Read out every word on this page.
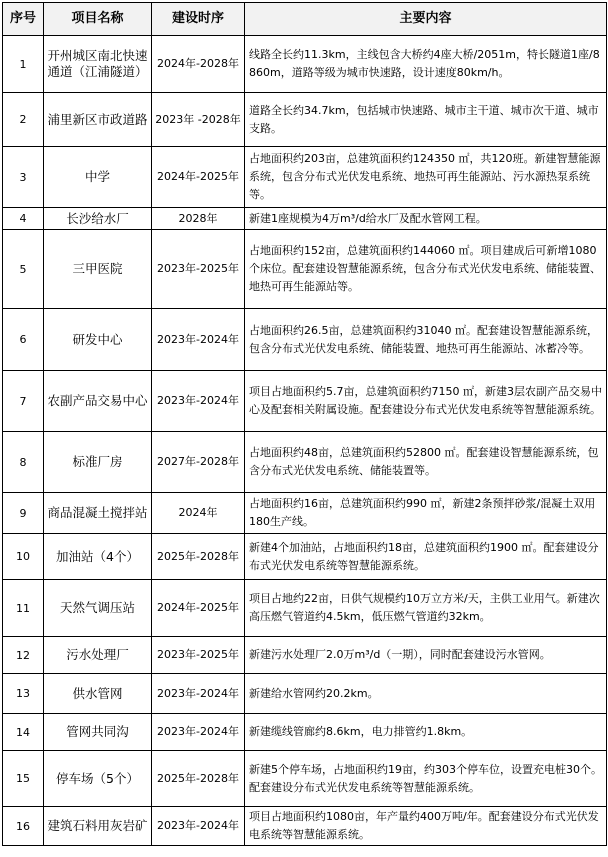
序号	项目名称	建设时序	主要内容
1	开州城区南北快速通道（江浦隧道）	2024年-2028年	线路全长约11.3km，主线包含大桥约4座大桥/2051m，特长隧道1座/8860m，道路等级为城市快速路，设计速度80km/h。
2	浦里新区市政道路	2023年 -2028年	道路全长约34.7km，包括城市快速路、城市主干道、城市次干道、城市支路。
3	中学	2024年-2025年	占地面积约203亩，总建筑面积约124350 ㎡，共120班。新建智慧能源系统，包含分布式光伏发电系统、地热可再生能源站、污水源热泵系统等。
4	长沙给水厂	2028年	新建1座规模为4万m³/d给水厂及配水管网工程。
5	三甲医院	2023年-2025年	占地面积约152亩，总建筑面积约144060 ㎡。项目建成后可新增1080个床位。配套建设智慧能源系统，包含分布式光伏发电系统、储能装置、地热可再生能源站等。
6	研发中心	2023年-2024年	占地面积约26.5亩，总建筑面积约31040 ㎡。配套建设智慧能源系统，包含分布式光伏发电系统、储能装置、地热可再生能源站、冰蓄冷等。
7	农副产品交易中心	2023年-2024年	项目占地面积约5.7亩，总建筑面积约7150 ㎡，新建3层农副产品交易中心及配套相关附属设施。配套建设分布式光伏发电系统等智慧能源系统。
8	标准厂房	2027年-2028年	占地面积约48亩，总建筑面积约52800 ㎡。配套建设智慧能源系统，包含分布式光伏发电系统、储能装置等。
9	商品混凝土搅拌站	2024年	占地面积约16亩，总建筑面积约990 ㎡，新建2条预拌砂浆/混凝土双用180生产线。
10	加油站（4个）	2025年-2028年	新建4个加油站，占地面积约18亩，总建筑面积约1900 ㎡。配套建设分布式光伏发电系统等智慧能源系统。
11	天然气调压站	2024年-2025年	项目占地约22亩，日供气规模约10万立方米/天，主供工业用气。新建次高压燃气管道约4.5km，低压燃气管道约32km。
12	污水处理厂	2023年-2025年	新建污水处理厂2.0万m³/d（一期），同时配套建设污水管网。
13	供水管网	2023年-2024年	新建给水管网约20.2km。
14	管网共同沟	2023年-2024年	新建缆线管廊约8.6km，电力排管约1.8km。
15	停车场（5个）	2025年-2028年	新建5个停车场，占地面积约19亩，约303个停车位，设置充电桩30个。配套建设分布式光伏发电系统等智慧能源系统。
16	建筑石料用灰岩矿	2023年-2024年	项目占地面积约1080亩，年产量约400万吨/年。配套建设分布式光伏发电系统等智慧能源系统。
